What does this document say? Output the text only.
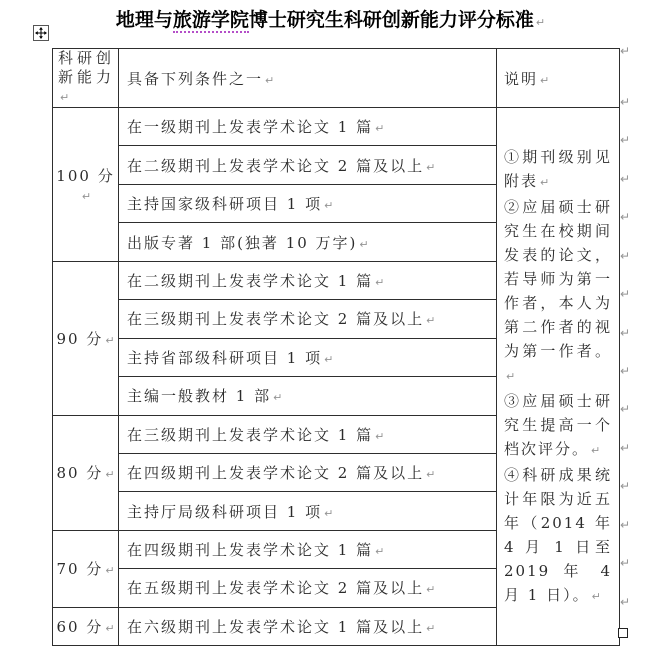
地理与旅游学院博士研究生科研创新能力评分标准 ↵
科研创新能力↵	具备下列条件之一 ↵	说明 ↵
100 分↵	在一级期刊上发表学术论文 1 篇 ↵	①期刊级别见附表 ↵

②应届硕士研究生在校期间发表的论文，若导师为第一作者，本人为第二作者的视为第一作者。↵

③应届硕士研究生提高一个档次评分。 ↵

④科研成果统计年限为近五年（2014 年 4 月 1 日至 2019 年 4 月 1 日）。 ↵

	在二级期刊上发表学术论文 2 篇及以上 ↵	
	主持国家级科研项目 1 项 ↵	
	出版专著 1 部(独著 10 万字) ↵	
90 分 ↵	在二级期刊上发表学术论文 1 篇 ↵	
	在三级期刊上发表学术论文 2 篇及以上 ↵	
	主持省部级科研项目 1 项 ↵	
	主编一般教材 1 部 ↵	
80 分 ↵	在三级期刊上发表学术论文 1 篇 ↵	
	在四级期刊上发表学术论文 2 篇及以上 ↵	
	主持厅局级科研项目 1 项 ↵	
70 分 ↵	在四级期刊上发表学术论文 1 篇 ↵	
	在五级期刊上发表学术论文 2 篇及以上 ↵	
60 分 ↵	在六级期刊上发表学术论文 1 篇及以上 ↵	
↵
↵
↵
↵
↵
↵
↵
↵
↵
↵
↵
↵
↵
↵
↵
